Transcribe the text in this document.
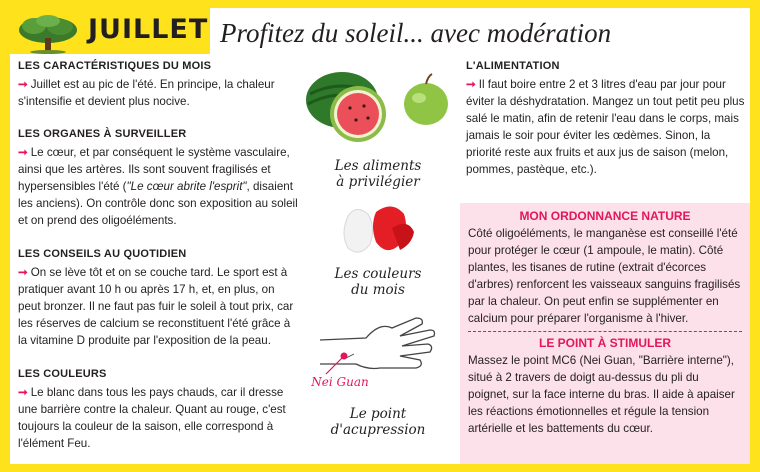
JUILLET Profitez du soleil... avec modération
LES CARACTÉRISTIQUES DU MOIS

➞ Juillet est au pic de l'été. En principe, la chaleur s'intensifie et devient plus nocive.

LES ORGANES À SURVEILLER

➞ Le cœur, et par conséquent le système vasculaire, ainsi que les artères. Ils sont souvent fragilisés et hypersensibles l'été ("Le cœur abrite l'esprit", disaient les anciens). On contrôle donc son exposition au soleil et on prend des oligoéléments.

LES CONSEILS AU QUOTIDIEN

➞ On se lève tôt et on se couche tard. Le sport est à pratiquer avant 10 h ou après 17 h, et, en plus, on peut bronzer. Il ne faut pas fuir le soleil à tout prix, car les réserves de calcium se reconstituent l'été grâce à la vitamine D produite par l'exposition de la peau.

LES COULEURS

➞ Le blanc dans tous les pays chauds, car il dresse une barrière contre la chaleur. Quant au rouge, c'est toujours la couleur de la saison, elle correspond à l'élément Feu.

Les aliments
à privilégier
Les couleurs
du mois
Nei Guan
Le point
d'acupression
L'ALIMENTATION

➞ Il faut boire entre 2 et 3 litres d'eau par jour pour éviter la déshydratation. Mangez un tout petit peu plus salé le matin, afin de retenir l'eau dans le corps, mais jamais le soir pour éviter les œdèmes. Sinon, la priorité reste aux fruits et aux jus de saison (melon, pommes, pastèque, etc.).

MON ORDONNANCE NATURE
Côté oligoéléments, le manganèse est conseillé l'été pour protéger le cœur (1 ampoule, le matin). Côté plantes, les tisanes de rutine (extrait d'écorces d'arbres) renforcent les vaisseaux sanguins fragilisés par la chaleur. On peut enfin se supplémenter en calcium pour préparer l'organisme à l'hiver.
LE POINT À STIMULER
Massez le point MC6 (Nei Guan, "Barrière interne"), situé à 2 travers de doigt au-dessus du pli du poignet, sur la face interne du bras. Il aide à apaiser les réactions émotionnelles et régule la tension artérielle et les battements du cœur.
